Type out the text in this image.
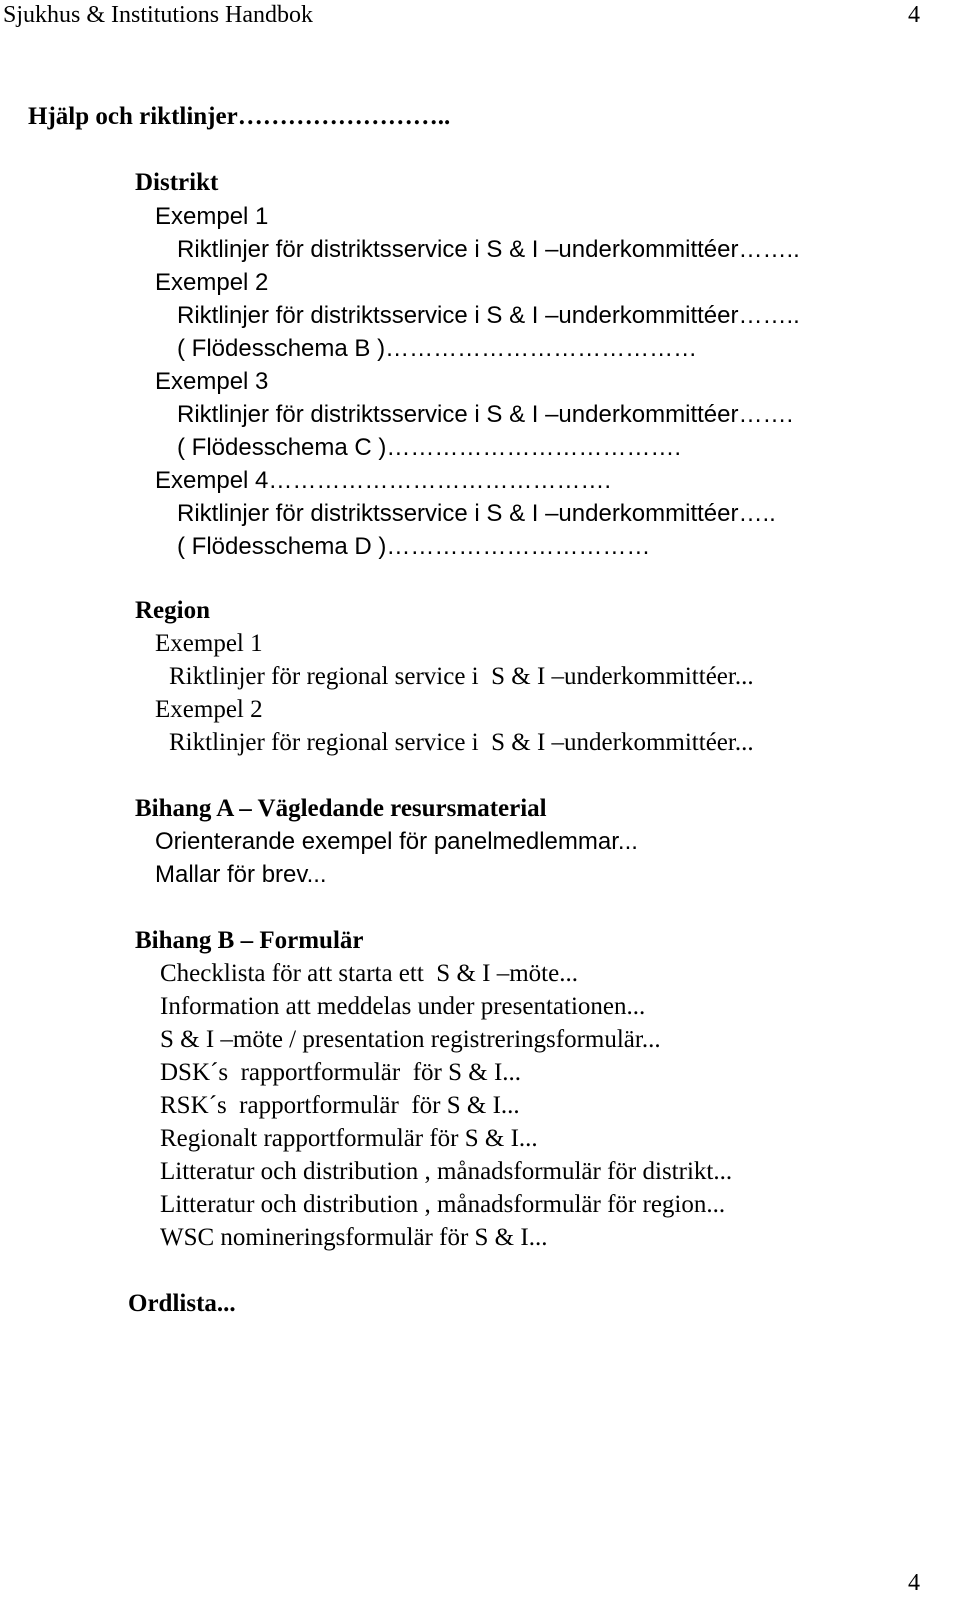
Sjukhus & Institutions Handbok	4
Hjälp och riktlinjer……………………..
Distrikt
Exempel 1
Riktlinjer för distriktsservice i S & I –underkommittéer……..
Exempel 2
Riktlinjer för distriktsservice i S & I –underkommittéer……..
( Flödesschema B )…………………………………
Exempel 3
Riktlinjer för distriktsservice i S & I –underkommittéer…….
( Flödesschema C )……………………………….
Exempel 4…………………………………….
Riktlinjer för distriktsservice i S & I –underkommittéer…..
( Flödesschema D )……………………………
Region
Exempel 1
Riktlinjer för regional service i  S & I –underkommittéer...
Exempel 2
Riktlinjer för regional service i  S & I –underkommittéer...
Bihang A – Vägledande resursmaterial
Orienterande exempel för panelmedlemmar...
Mallar för brev...
Bihang B – Formulär
Checklista för att starta ett  S & I –möte...
Information att meddelas under presentationen...
S & I –möte / presentation registreringsformulär...
DSK´s  rapportformulär  för S & I...
RSK´s  rapportformulär  för S & I...
Regionalt rapportformulär för S & I...
Litteratur och distribution , månadsformulär för distrikt...
Litteratur och distribution , månadsformulär för region...
WSC nomineringsformulär för S & I...
Ordlista...
4
